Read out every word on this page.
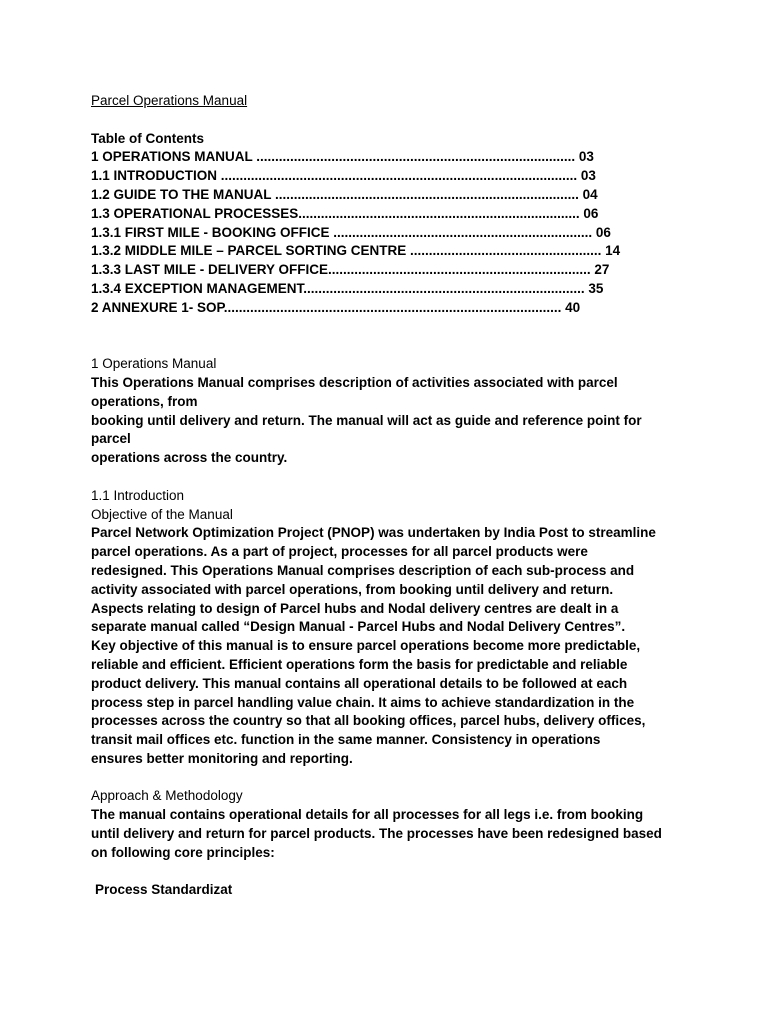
Parcel Operations Manual
Table of Contents
1 OPERATIONS MANUAL ..................................................................................... 03
1.1 INTRODUCTION ............................................................................................... 03
1.2 GUIDE TO THE MANUAL ................................................................................. 04
1.3 OPERATIONAL PROCESSES........................................................................... 06
1.3.1 FIRST MILE - BOOKING OFFICE ..................................................................... 06
1.3.2 MIDDLE MILE – PARCEL SORTING CENTRE ................................................... 14
1.3.3 LAST MILE - DELIVERY OFFICE...................................................................... 27
1.3.4 EXCEPTION MANAGEMENT........................................................................... 35
2 ANNEXURE 1- SOP.......................................................................................... 40
1 Operations Manual
This Operations Manual comprises description of activities associated with parcel
operations, from
booking until delivery and return. The manual will act as guide and reference point for
parcel
operations across the country.
1.1 Introduction
Objective of the Manual
Parcel Network Optimization Project (PNOP) was undertaken by India Post to streamline
parcel operations. As a part of project, processes for all parcel products were
redesigned. This Operations Manual comprises description of each sub-process and
activity associated with parcel operations, from booking until delivery and return.
Aspects relating to design of Parcel hubs and Nodal delivery centres are dealt in a
separate manual called “Design Manual - Parcel Hubs and Nodal Delivery Centres”.
Key objective of this manual is to ensure parcel operations become more predictable,
reliable and efficient. Efficient operations form the basis for predictable and reliable
product delivery. This manual contains all operational details to be followed at each
process step in parcel handling value chain. It aims to achieve standardization in the
processes across the country so that all booking offices, parcel hubs, delivery offices,
transit mail offices etc. function in the same manner. Consistency in operations
ensures better monitoring and reporting.
Approach & Methodology
The manual contains operational details for all processes for all legs i.e. from booking
until delivery and return for parcel products. The processes have been redesigned based
on following core principles:
Process Standardizat
